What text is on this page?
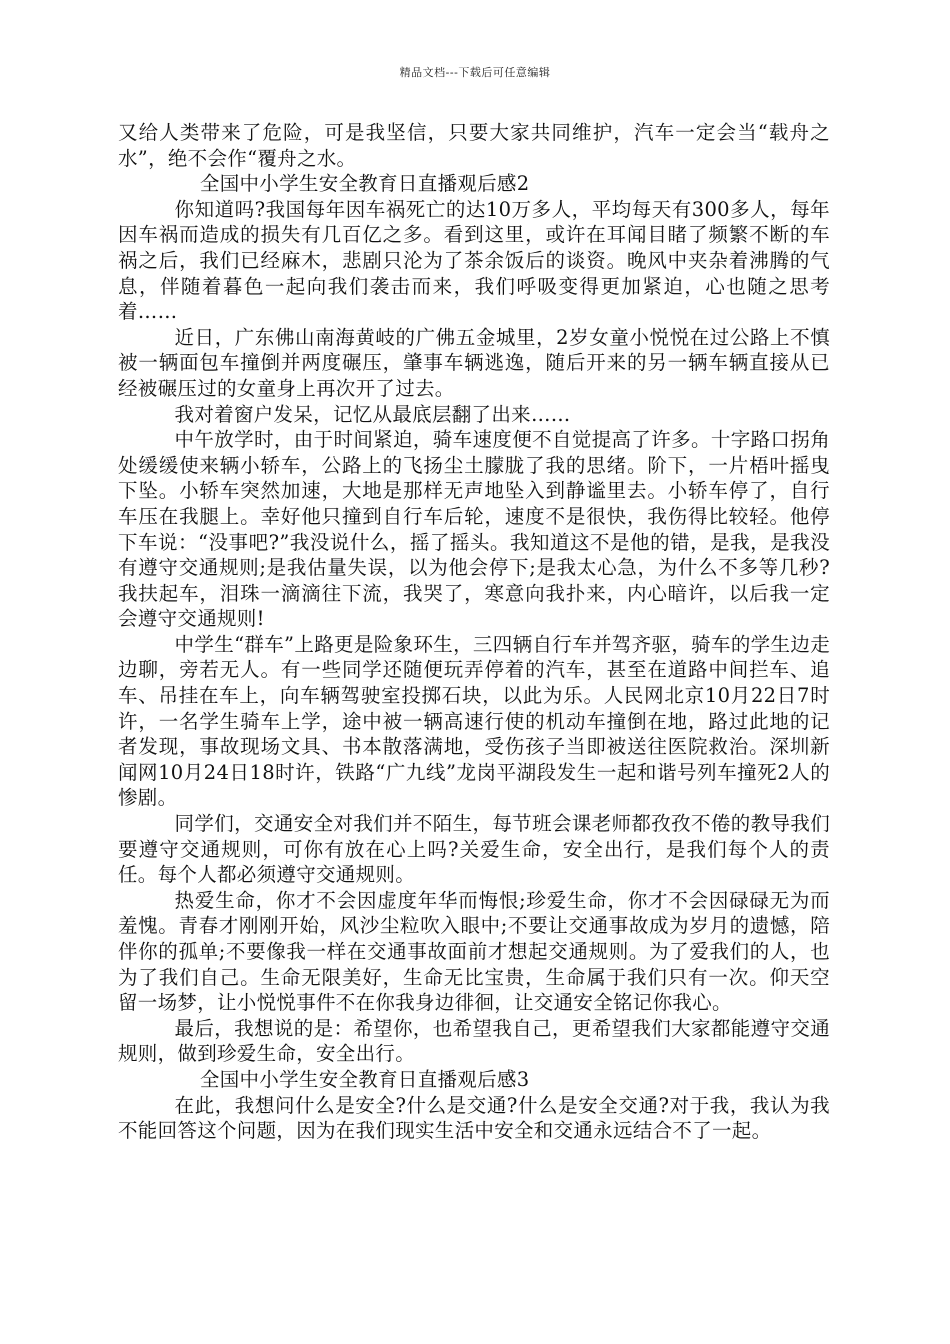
精品文档---下载后可任意编辑

又给人类带来了危险，可是我坚信，只要大家共同维护，汽车一定会当“载舟之水”，绝不会作“覆舟之水。

全国中小学生安全教育日直播观后感2

你知道吗?我国每年因车祸死亡的达10万多人，平均每天有300多人，每年因车祸而造成的损失有几百亿之多。看到这里，或许在耳闻目睹了频繁不断的车祸之后，我们已经麻木，悲剧只沦为了茶余饭后的谈资。晚风中夹杂着沸腾的气息，伴随着暮色一起向我们袭击而来，我们呼吸变得更加紧迫，心也随之思考着……

近日，广东佛山南海黄岐的广佛五金城里，2岁女童小悦悦在过公路上不慎被一辆面包车撞倒并两度碾压，肇事车辆逃逸，随后开来的另一辆车辆直接从已经被碾压过的女童身上再次开了过去。

我对着窗户发呆，记忆从最底层翻了出来……

中午放学时，由于时间紧迫，骑车速度便不自觉提高了许多。十字路口拐角处缓缓使来辆小轿车，公路上的飞扬尘土朦胧了我的思绪。阶下，一片梧叶摇曳下坠。小轿车突然加速，大地是那样无声地坠入到静谧里去。小轿车停了，自行车压在我腿上。幸好他只撞到自行车后轮，速度不是很快，我伤得比较轻。他停下车说：“没事吧?”我没说什么，摇了摇头。我知道这不是他的错，是我，是我没有遵守交通规则;是我估量失误，以为他会停下;是我太心急，为什么不多等几秒?我扶起车，泪珠一滴滴往下流，我哭了，寒意向我扑来，内心暗许，以后我一定会遵守交通规则!

中学生“群车”上路更是险象环生，三四辆自行车并驾齐驱，骑车的学生边走边聊，旁若无人。有一些同学还随便玩弄停着的汽车，甚至在道路中间拦车、追车、吊挂在车上，向车辆驾驶室投掷石块，以此为乐。人民网北京10月22日7时许，一名学生骑车上学，途中被一辆高速行使的机动车撞倒在地，路过此地的记者发现，事故现场文具、书本散落满地，受伤孩子当即被送往医院救治。深圳新闻网10月24日18时许，铁路“广九线”龙岗平湖段发生一起和谐号列车撞死2人的惨剧。

同学们，交通安全对我们并不陌生，每节班会课老师都孜孜不倦的教导我们要遵守交通规则，可你有放在心上吗?关爱生命，安全出行，是我们每个人的责任。每个人都必须遵守交通规则。

热爱生命，你才不会因虚度年华而悔恨;珍爱生命，你才不会因碌碌无为而羞愧。青春才刚刚开始，风沙尘粒吹入眼中;不要让交通事故成为岁月的遗憾，陪伴你的孤单;不要像我一样在交通事故面前才想起交通规则。为了爱我们的人，也为了我们自己。生命无限美好，生命无比宝贵，生命属于我们只有一次。仰天空留一场梦，让小悦悦事件不在你我身边徘徊，让交通安全铭记你我心。

最后，我想说的是：希望你，也希望我自己，更希望我们大家都能遵守交通规则，做到珍爱生命，安全出行。

全国中小学生安全教育日直播观后感3

在此，我想问什么是安全?什么是交通?什么是安全交通?对于我，我认为我不能回答这个问题，因为在我们现实生活中安全和交通永远结合不了一起。
